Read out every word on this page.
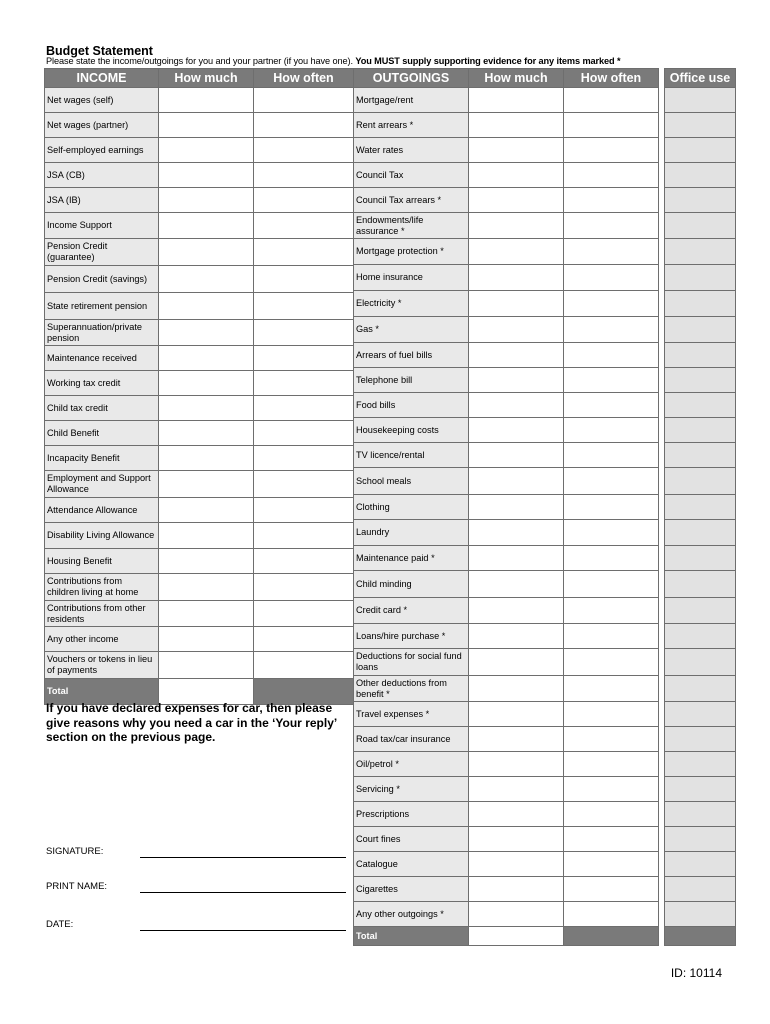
Budget Statement
Please state the income/outgoings for you and your partner (if you have one). You MUST supply supporting evidence for any items marked *
INCOME	How much	How often
Net wages (self)		
Net wages (partner)		
Self-employed earnings		
JSA (CB)		
JSA (IB)		
Income Support		
Pension Credit (guarantee)		
Pension Credit (savings)		
State retirement pension		
Superannuation/private pension		
Maintenance received		
Working tax credit		
Child tax credit		
Child Benefit		
Incapacity Benefit		
Employment and Support Allowance		
Attendance Allowance		
Disability Living Allowance		
Housing Benefit		
Contributions from children living at home		
Contributions from other residents		
Any other income		
Vouchers or tokens in lieu of payments		
Total		
OUTGOINGS	How much	How often		Office use
Mortgage/rent				
Rent arrears *				
Water rates				
Council Tax				
Council Tax arrears *				
Endowments/life assurance *				
Mortgage protection *				
Home insurance				
Electricity *				
Gas *				
Arrears of fuel bills				
Telephone bill				
Food bills				
Housekeeping costs				
TV licence/rental				
School meals				
Clothing				
Laundry				
Maintenance paid *				
Child minding				
Credit card *				
Loans/hire purchase *				
Deductions for social fund loans				
Other deductions from benefit *				
Travel expenses *				
Road tax/car insurance				
Oil/petrol *				
Servicing *				
Prescriptions				
Court fines				
Catalogue				
Cigarettes				
Any other outgoings *				
Total				
If you have declared expenses for car, then please give reasons why you need a car in the ‘Your reply’ section on the previous page.
SIGNATURE:
PRINT NAME:
DATE:
ID: 10114
